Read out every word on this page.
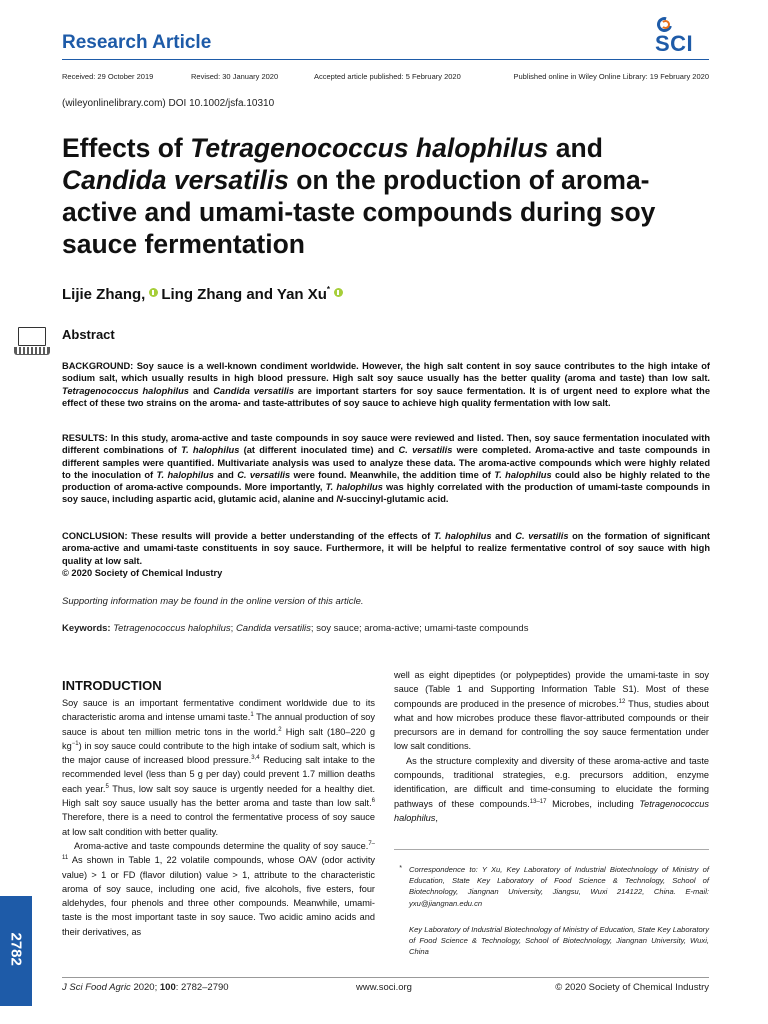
Research Article	SCI
Received: 29 October 2019	Revised: 30 January 2020	Accepted article published: 5 February 2020	Published online in Wiley Online Library: 19 February 2020
(wileyonlinelibrary.com) DOI 10.1002/jsfa.10310
Effects of Tetragenococcus halophilus and Candida versatilis on the production of aroma-active and umami-taste compounds during soy sauce fermentation
Lijie Zhang, Ling Zhang and Yan Xu*
Abstract

BACKGROUND: Soy sauce is a well-known condiment worldwide. However, the high salt content in soy sauce contributes to the high intake of sodium salt, which usually results in high blood pressure. High salt soy sauce usually has the better quality (aroma and taste) than low salt. Tetragenococcus halophilus and Candida versatilis are important starters for soy sauce fermentation. It is of urgent need to explore what the effect of these two strains on the aroma- and taste-attributes of soy sauce to achieve high quality fermentation with low salt.

RESULTS: In this study, aroma-active and taste compounds in soy sauce were reviewed and listed. Then, soy sauce fermentation inoculated with different combinations of T. halophilus (at different inoculated time) and C. versatilis were completed. Aroma-active and taste compounds in different samples were quantified. Multivariate analysis was used to analyze these data. The aroma-active compounds which were highly related to the inoculation of T. halophilus and C. versatilis were found. Meanwhile, the addition time of T. halophilus could also be highly related to the production of aroma-active compounds. More importantly, T. halophilus was highly correlated with the production of umami-taste compounds in soy sauce, including aspartic acid, glutamic acid, alanine and N-succinyl-glutamic acid.

CONCLUSION: These results will provide a better understanding of the effects of T. halophilus and C. versatilis on the formation of significant aroma-active and umami-taste constituents in soy sauce. Furthermore, it will be helpful to realize fermentative control of soy sauce with high quality at low salt.
© 2020 Society of Chemical Industry

Supporting information may be found in the online version of this article.
Keywords: Tetragenococcus halophilus; Candida versatilis; soy sauce; aroma-active; umami-taste compounds
INTRODUCTION

Soy sauce is an important fermentative condiment worldwide due to its characteristic aroma and intense umami taste.$^1$ The annual production of soy sauce is about ten million metric tons in the world.$^2$ High salt (180–220 g $kg^{-1}$) in soy sauce could contribute to the high intake of sodium salt, which is the major cause of increased blood pressure.$^{3,4}$ Reducing salt intake to the recommended level (less than 5 g per day) could prevent 1.7 million deaths each year.$^5$ Thus, low salt soy sauce is urgently needed for a healthy diet. High salt soy sauce usually has the better aroma and taste than low salt.$^6$ Therefore, there is a need to control the fermentative process of soy sauce at low salt condition with better quality.

Aroma-active and taste compounds determine the quality of soy sauce.$^{7-11}$ As shown in Table 1, 22 volatile compounds, whose OAV (odor activity value) > 1 or FD (flavor dilution) value > 1, attribute to the characteristic aroma of soy sauce, including one acid, five alcohols, five esters, four aldehydes, four phenols and three other compounds. Meanwhile, umami-taste is the most important taste in soy sauce. Two acidic amino acids and their derivatives, as

well as eight dipeptides (or polypeptides) provide the umami-taste in soy sauce (Table 1 and Supporting Information Table S1). Most of these compounds are produced in the presence of microbes.$^{12}$ Thus, studies about what and how microbes produce these flavor-attributed compounds or their precursors are in demand for controlling the soy sauce fermentation under low salt conditions.

As the structure complexity and diversity of these aroma-active and taste compounds, traditional strategies, e.g. precursors addition, enzyme identification, are difficult and time-consuming to elucidate the forming pathways of these compounds.$^{13-17}$ Microbes, including Tetragenococcus halophilus,

* Correspondence to: Y Xu, Key Laboratory of Industrial Biotechnology of Ministry of Education, State Key Laboratory of Food Science & Technology, School of Biotechnology, Jiangnan University, Jiangsu, Wuxi 214122, China. E-mail: yxu@jiangnan.edu.cn

Key Laboratory of Industrial Biotechnology of Ministry of Education, State Key Laboratory of Food Science & Technology, School of Biotechnology, Jiangnan University, Wuxi, China

2782
J Sci Food Agric 2020; 100: 2782–2790	www.soci.org	© 2020 Society of Chemical Industry
